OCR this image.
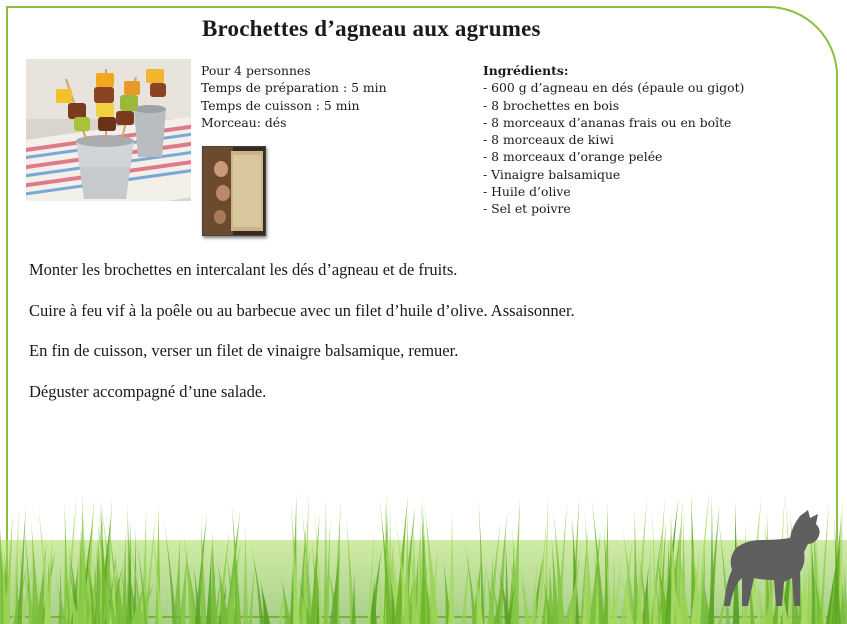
Brochettes d’agneau aux agrumes
Pour 4 personnes
Temps de préparation : 5 min
Temps de cuisson : 5 min
Morceau: dés
Ingrédients:
- 600 g d’agneau en dés (épaule ou gigot)
- 8 brochettes en bois
- 8 morceaux d’ananas frais ou en boîte
- 8 morceaux de kiwi
- 8 morceaux d’orange pelée
- Vinaigre balsamique
- Huile d’olive
- Sel et poivre

Monter les brochettes en intercalant les dés d’agneau et de fruits.

Cuire à feu vif à la poêle ou au barbecue avec un filet d’huile d’olive. Assaisonner.

En fin de cuisson, verser un filet de vinaigre balsamique, remuer.

Déguster accompagné d’une salade.
